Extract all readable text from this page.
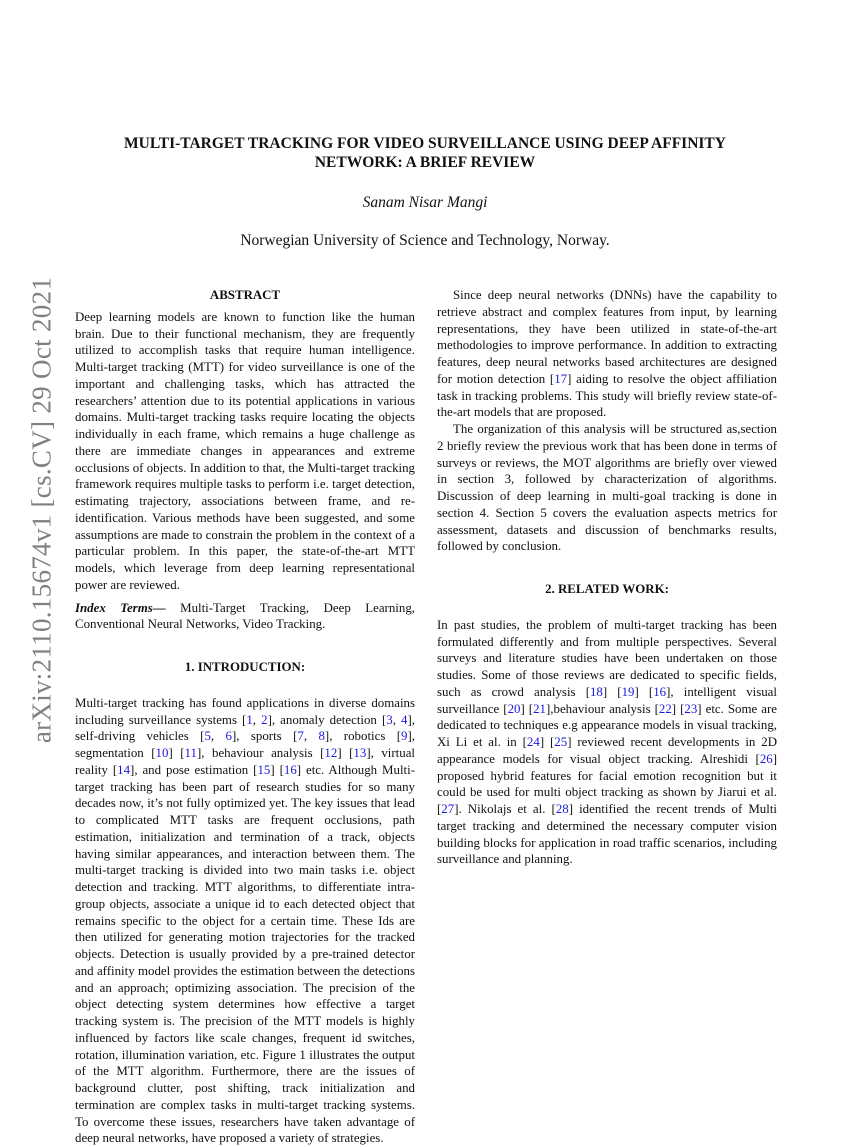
arXiv:2110.15674v1 [cs.CV] 29 Oct 2021
MULTI-TARGET TRACKING FOR VIDEO SURVEILLANCE USING DEEP AFFINITY NETWORK: A BRIEF REVIEW

Sanam Nisar Mangi

Norwegian University of Science and Technology, Norway.

ABSTRACT

Deep learning models are known to function like the human brain. Due to their functional mechanism, they are frequently utilized to accomplish tasks that require human intelligence. Multi-target tracking (MTT) for video surveillance is one of the important and challenging tasks, which has attracted the researchers’ attention due to its potential applications in various domains. Multi-target tracking tasks require locating the objects individually in each frame, which remains a huge challenge as there are immediate changes in appearances and extreme occlusions of objects. In addition to that, the Multi-target tracking framework requires multiple tasks to perform i.e. target detection, estimating trajectory, associations between frame, and re-identification. Various methods have been suggested, and some assumptions are made to constrain the problem in the context of a particular problem. In this paper, the state-of-the-art MTT models, which leverage from deep learning representational power are reviewed.

Index Terms— Multi-Target Tracking, Deep Learning, Conventional Neural Networks, Video Tracking.

1. INTRODUCTION:

Multi-target tracking has found applications in diverse domains including surveillance systems [1, 2], anomaly detection [3, 4], self-driving vehicles [5, 6], sports [7, 8], robotics [9], segmentation [10] [11], behaviour analysis [12] [13], virtual reality [14], and pose estimation [15] [16] etc. Although Multi-target tracking has been part of research studies for so many decades now, it’s not fully optimized yet. The key issues that lead to complicated MTT tasks are frequent occlusions, path estimation, initialization and termination of a track, objects having similar appearances, and interaction between them. The multi-target tracking is divided into two main tasks i.e. object detection and tracking. MTT algorithms, to differentiate intra-group objects, associate a unique id to each detected object that remains specific to the object for a certain time. These Ids are then utilized for generating motion trajectories for the tracked objects. Detection is usually provided by a pre-trained detector and affinity model provides the estimation between the detections and an approach; optimizing association. The precision of the object detecting system determines how effective a target tracking system is. The precision of the MTT models is highly influenced by factors like scale changes, frequent id switches, rotation, illumination variation, etc. Figure 1 illustrates the output of the MTT algorithm. Furthermore, there are the issues of background clutter, post shifting, track initialization and termination are complex tasks in multi-target tracking systems. To overcome these issues, researchers have taken advantage of deep neural networks, have proposed a variety of strategies.

Since deep neural networks (DNNs) have the capability to retrieve abstract and complex features from input, by learning representations, they have been utilized in state-of-the-art methodologies to improve performance. In addition to extracting features, deep neural networks based architectures are designed for motion detection [17] aiding to resolve the object affiliation task in tracking problems. This study will briefly review state-of-the-art models that are proposed.

The organization of this analysis will be structured as,section 2 briefly review the previous work that has been done in terms of surveys or reviews, the MOT algorithms are briefly over viewed in section 3, followed by characterization of algorithms. Discussion of deep learning in multi-goal tracking is done in section 4. Section 5 covers the evaluation aspects metrics for assessment, datasets and discussion of benchmarks results, followed by conclusion.

2. RELATED WORK:

In past studies, the problem of multi-target tracking has been formulated differently and from multiple perspectives. Several surveys and literature studies have been undertaken on those studies. Some of those reviews are dedicated to specific fields, such as crowd analysis [18] [19] [16], intelligent visual surveillance [20] [21],behaviour analysis [22] [23] etc. Some are dedicated to techniques e.g appearance models in visual tracking, Xi Li et al. in [24] [25] reviewed recent developments in 2D appearance models for visual object tracking. Alreshidi [26] proposed hybrid features for facial emotion recognition but it could be used for multi object tracking as shown by Jiarui et al. [27]. Nikolajs et al. [28] identified the recent trends of Multi target tracking and determined the necessary computer vision building blocks for application in road traffic scenarios, including surveillance and planning.
